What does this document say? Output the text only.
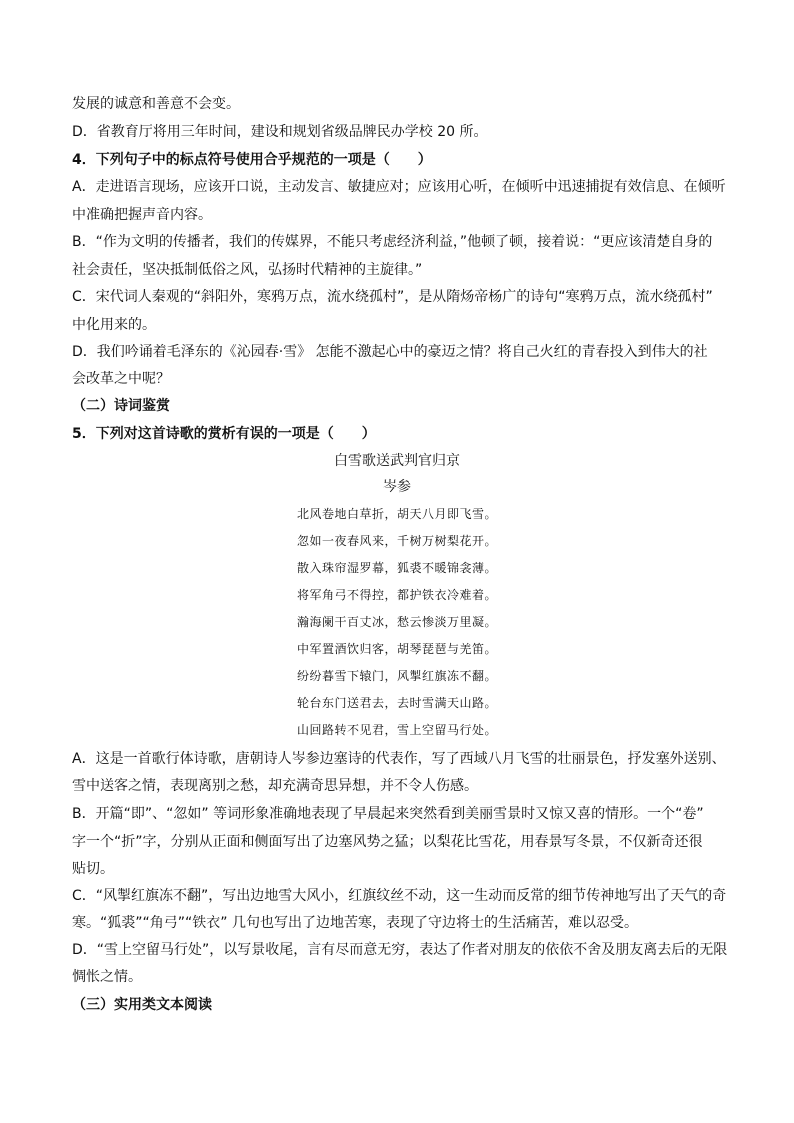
发展的诚意和善意不会变。
D．省教育厅将用三年时间，建设和规划省级品牌民办学校 20 所。
4．下列句子中的标点符号使用合乎规范的一项是（　　）
A．走进语言现场，应该开口说，主动发言、敏捷应对；应该用心听，在倾听中迅速捕捉有效信息、在倾听
中准确把握声音内容。
B．“作为文明的传播者，我们的传媒界，不能只考虑经济利益，”他顿了顿，接着说：“更应该清楚自身的
社会责任，坚决抵制低俗之风，弘扬时代精神的主旋律。”
C．宋代词人秦观的“斜阳外，寒鸦万点，流水绕孤村”，是从隋炀帝杨广的诗句“寒鸦万点，流水绕孤村”
中化用来的。
D．我们吟诵着毛泽东的《沁园春·雪》 怎能不激起心中的豪迈之情？将自己火红的青春投入到伟大的社
会改革之中呢？
（二）诗词鉴赏
5．下列对这首诗歌的赏析有误的一项是（　　）
白雪歌送武判官归京
岑参
北风卷地白草折，胡天八月即飞雪。
忽如一夜春风来，千树万树梨花开。
散入珠帘湿罗幕，狐裘不暖锦衾薄。
将军角弓不得控，都护铁衣冷难着。
瀚海阑干百丈冰，愁云惨淡万里凝。
中军置酒饮归客，胡琴琵琶与羌笛。
纷纷暮雪下辕门，风掣红旗冻不翻。
轮台东门送君去，去时雪满天山路。
山回路转不见君，雪上空留马行处。
A．这是一首歌行体诗歌，唐朝诗人岑参边塞诗的代表作，写了西域八月飞雪的壮丽景色，抒发塞外送别、
雪中送客之情，表现离别之愁，却充满奇思异想，并不令人伤感。
B．开篇“即”、“忽如” 等词形象准确地表现了早晨起来突然看到美丽雪景时又惊又喜的情形。一个“卷”
字一个“折”字，分别从正面和侧面写出了边塞风势之猛；以梨花比雪花，用春景写冬景，不仅新奇还很
贴切。
C．“风掣红旗冻不翻”，写出边地雪大风小，红旗纹丝不动，这一生动而反常的细节传神地写出了天气的奇
寒。“狐裘”“角弓”“铁衣” 几句也写出了边地苦寒，表现了守边将士的生活痛苦，难以忍受。
D．“雪上空留马行处”，以写景收尾，言有尽而意无穷，表达了作者对朋友的依依不舍及朋友离去后的无限
惆怅之情。
（三）实用类文本阅读
